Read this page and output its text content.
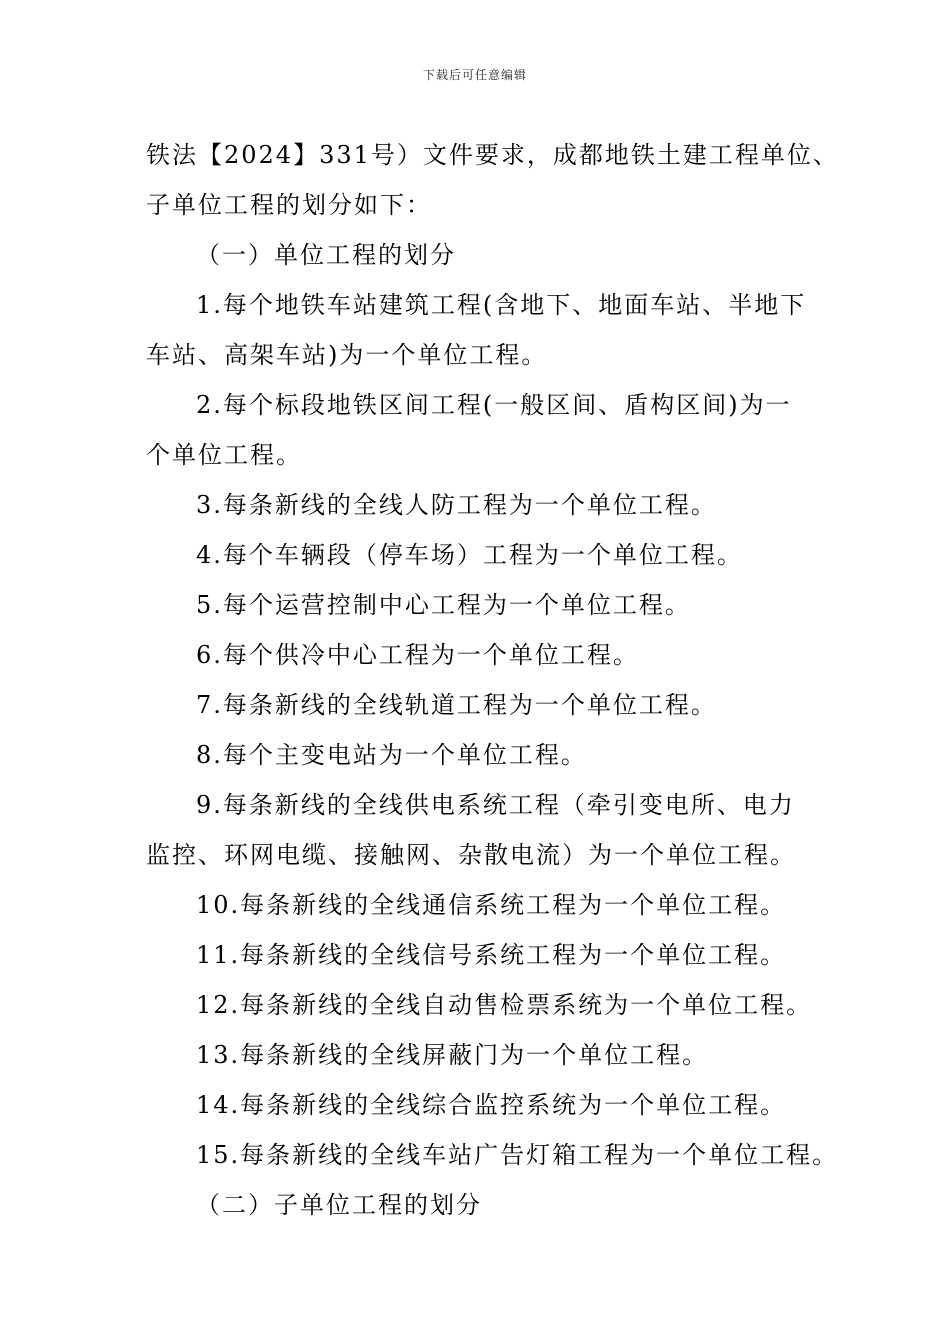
下载后可任意编辑

铁法【2024】331号）文件要求，成都地铁土建工程单位、

子单位工程的划分如下：

（一）单位工程的划分

1.每个地铁车站建筑工程(含地下、地面车站、半地下

车站、高架车站)为一个单位工程。

2.每个标段地铁区间工程(一般区间、盾构区间)为一

个单位工程。

3.每条新线的全线人防工程为一个单位工程。

4.每个车辆段（停车场）工程为一个单位工程。

5.每个运营控制中心工程为一个单位工程。

6.每个供冷中心工程为一个单位工程。

7.每条新线的全线轨道工程为一个单位工程。

8.每个主变电站为一个单位工程。

9.每条新线的全线供电系统工程（牵引变电所、电力

监控、环网电缆、接触网、杂散电流）为一个单位工程。

10.每条新线的全线通信系统工程为一个单位工程。

11.每条新线的全线信号系统工程为一个单位工程。

12.每条新线的全线自动售检票系统为一个单位工程。

13.每条新线的全线屏蔽门为一个单位工程。

14.每条新线的全线综合监控系统为一个单位工程。

15.每条新线的全线车站广告灯箱工程为一个单位工程。

（二）子单位工程的划分
